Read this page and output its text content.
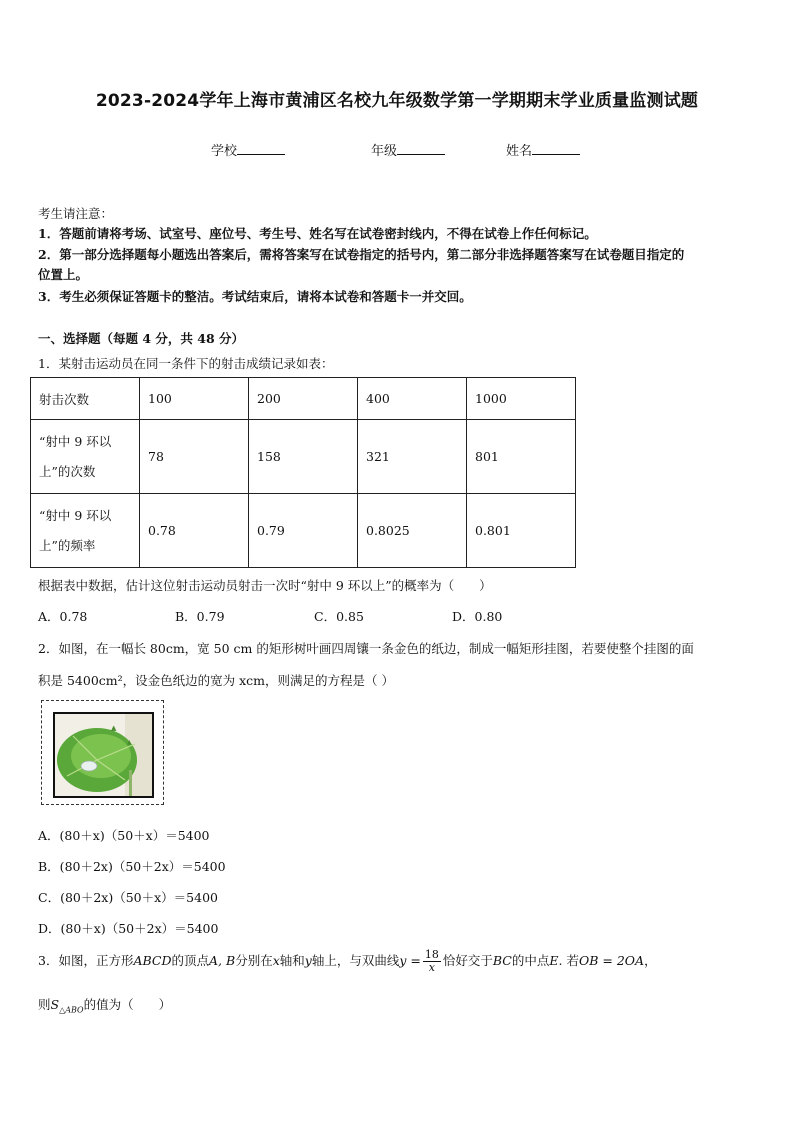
2023-2024学年上海市黄浦区名校九年级数学第一学期期末学业质量监测试题
学校	年级	姓名
考生请注意：
1．答题前请将考场、试室号、座位号、考生号、姓名写在试卷密封线内，不得在试卷上作任何标记。
2．第一部分选择题每小题选出答案后，需将答案写在试卷指定的括号内，第二部分非选择题答案写在试卷题目指定的
位置上。
3．考生必须保证答题卡的整洁。考试结束后，请将本试卷和答题卡一并交回。
一、选择题（每题 4 分，共 48 分）
1．某射击运动员在同一条件下的射击成绩记录如表：
射击次数	100	200	400	1000

“射中 9 环以
上”的次数	78	158	321	801

“射中 9 环以
上”的频率	0.78	0.79	0.8025	0.801
根据表中数据，估计这位射击运动员射击一次时“射中 9 环以上”的概率为（　　）
A．0.78	B．0.79	C．0.85	D．0.80
2．如图，在一幅长 80cm，宽 50 cm 的矩形树叶画四周镶一条金色的纸边，制成一幅矩形挂图，若要使整个挂图的面
积是 5400cm²，设金色纸边的宽为 xcm，则满足的方程是（ ）
▲
▲
A．(80＋x)（50＋x）＝5400
B．(80＋2x)（50＋2x）＝5400
C．(80＋2x)（50＋x）＝5400
D．(80＋x)（50＋2x）＝5400
3．如图，正方形ABCD的顶点A, B分别在x轴和y轴上，与双曲线$y = \frac{18}{x}$ 恰好交于BC的中点E. 若OB = 2OA，
则$S_{\triangle ABO}$的值为（　　）
